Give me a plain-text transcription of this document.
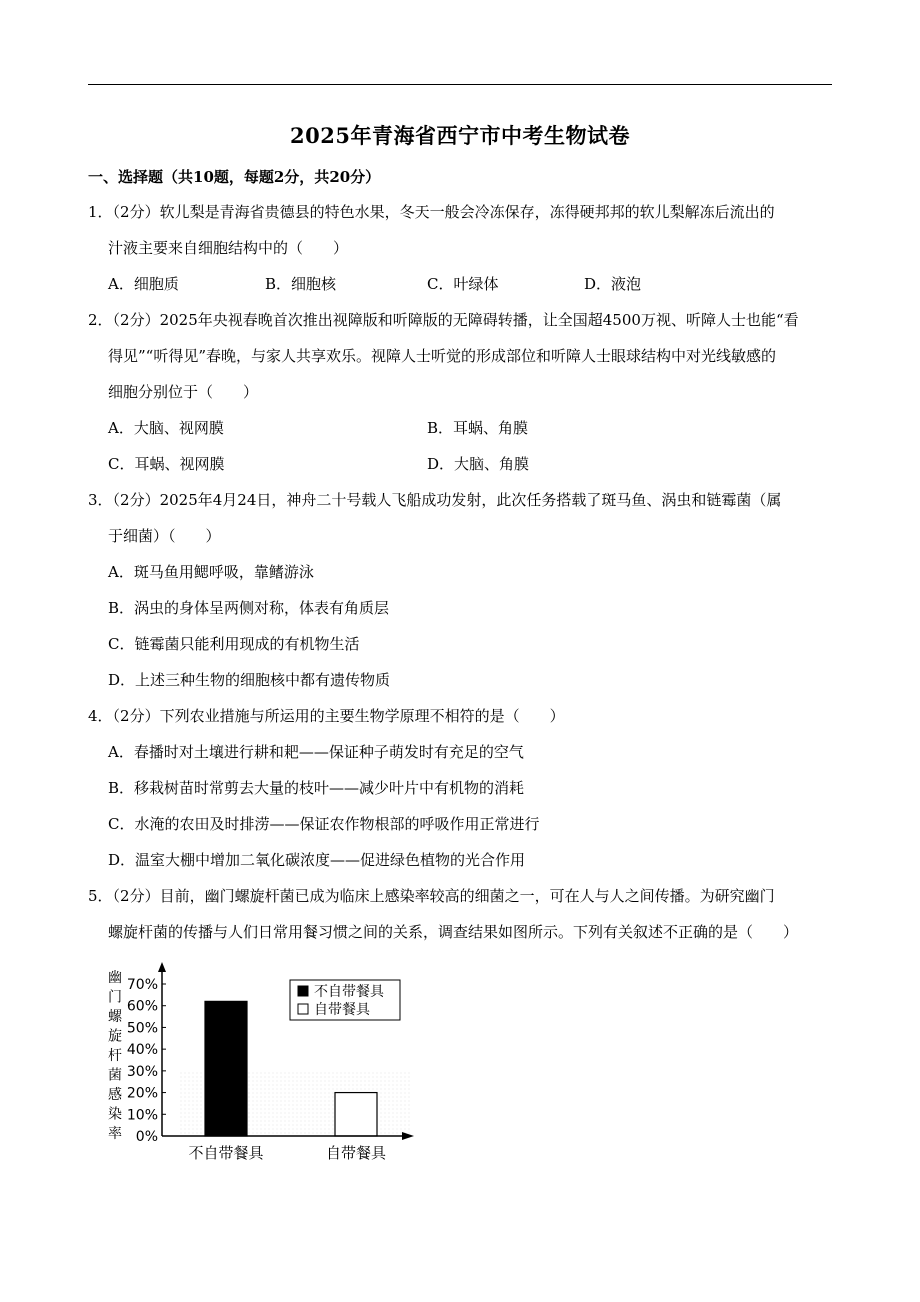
2025年青海省西宁市中考生物试卷
一、选择题（共10题，每题2分，共20分）
1．（2分）软儿梨是青海省贵德县的特色水果，冬天一般会冷冻保存，冻得硬邦邦的软儿梨解冻后流出的
汁液主要来自细胞结构中的（　　）
A．细胞质	B．细胞核	C．叶绿体	D．液泡
2．（2分）2025年央视春晚首次推出视障版和听障版的无障碍转播，让全国超4500万视、听障人士也能“看
得见”“听得见”春晚，与家人共享欢乐。视障人士听觉的形成部位和听障人士眼球结构中对光线敏感的
细胞分别位于（　　）
A．大脑、视网膜	B．耳蜗、角膜
C．耳蜗、视网膜	D．大脑、角膜
3．（2分）2025年4月24日，神舟二十号载人飞船成功发射，此次任务搭载了斑马鱼、涡虫和链霉菌（属
于细菌）（　　）
A．斑马鱼用鳃呼吸，靠鳍游泳
B．涡虫的身体呈两侧对称，体表有角质层
C．链霉菌只能利用现成的有机物生活
D．上述三种生物的细胞核中都有遗传物质
4．（2分）下列农业措施与所运用的主要生物学原理不相符的是（　　）
A．春播时对土壤进行耕和耙——保证种子萌发时有充足的空气
B．移栽树苗时常剪去大量的枝叶——减少叶片中有机物的消耗
C．水淹的农田及时排涝——保证农作物根部的呼吸作用正常进行
D．温室大棚中增加二氧化碳浓度——促进绿色植物的光合作用
5．（2分）目前，幽门螺旋杆菌已成为临床上感染率较高的细菌之一，可在人与人之间传播。为研究幽门
螺旋杆菌的传播与人们日常用餐习惯之间的关系，调查结果如图所示。下列有关叙述不正确的是（　　）
幽
门
螺
旋
杆
菌
感
染
率 0%
10%
20%
30%
40%
50%
60%
70%
不自带餐具	自带餐具
不自带餐具
自带餐具
